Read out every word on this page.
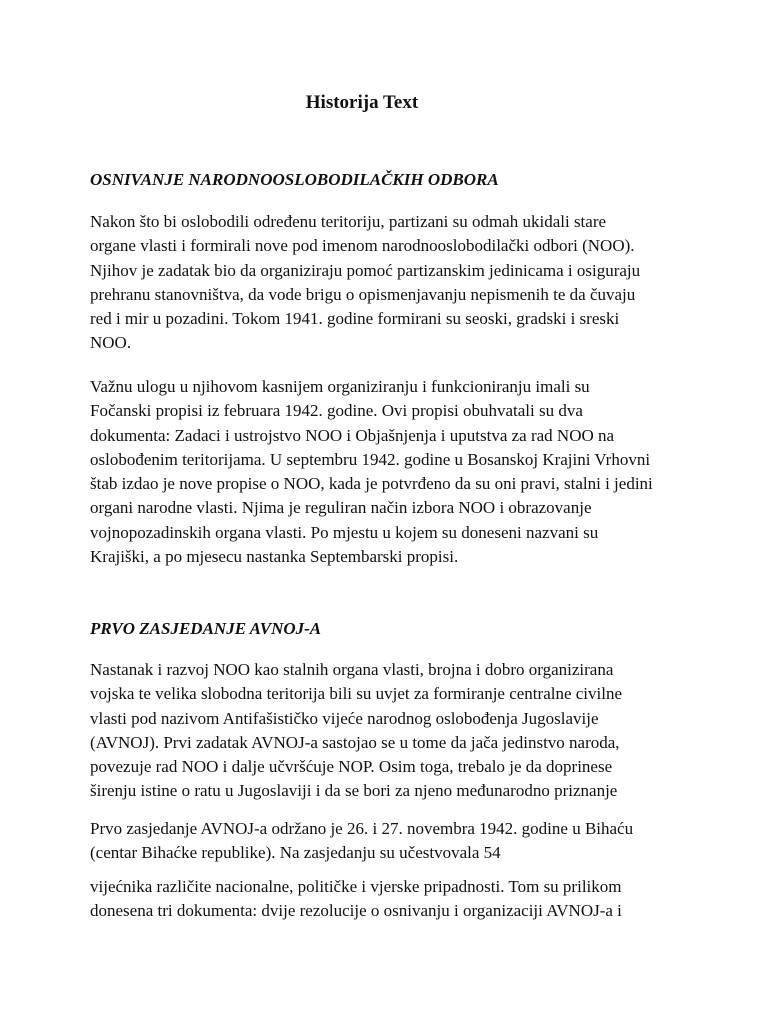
Historija Text
OSNIVANJE NARODNOOSLOBODILAČKIH ODBORA
Nakon što bi oslobodili određenu teritoriju, partizani su odmah ukidali stare
organe vlasti i formirali nove pod imenom narodnooslobodilački odbori (NOO).
Njihov je zadatak bio da organiziraju pomoć partizanskim jedinicama i osiguraju
prehranu stanovništva, da vode brigu o opismenjavanju nepismenih te da čuvaju
red i mir u pozadini. Tokom 1941. godine formirani su seoski, gradski i sreski
NOO.
Važnu ulogu u njihovom kasnijem organiziranju i funkcioniranju imali su
Fočanski propisi iz februara 1942. godine. Ovi propisi obuhvatali su dva
dokumenta: Zadaci i ustrojstvo NOO i Objašnjenja i uputstva za rad NOO na
oslobođenim teritorijama. U septembru 1942. godine u Bosanskoj Krajini Vrhovni
štab izdao je nove propise o NOO, kada je potvrđeno da su oni pravi, stalni i jedini
organi narodne vlasti. Njima je reguliran način izbora NOO i obrazovanje
vojnopozadinskih organa vlasti. Po mjestu u kojem su doneseni nazvani su
Krajiški, a po mjesecu nastanka Septembarski propisi.
PRVO ZASJEDANJE AVNOJ-A
Nastanak i razvoj NOO kao stalnih organa vlasti, brojna i dobro organizirana
vojska te velika slobodna teritorija bili su uvjet za formiranje centralne civilne
vlasti pod nazivom Antifašističko vijeće narodnog oslobođenja Jugoslavije
(AVNOJ). Prvi zadatak AVNOJ-a sastojao se u tome da jača jedinstvo naroda,
povezuje rad NOO i dalje učvršćuje NOP. Osim toga, trebalo je da doprinese
širenju istine o ratu u Jugoslaviji i da se bori za njeno međunarodno priznanje
Prvo zasjedanje AVNOJ-a održano je 26. i 27. novembra 1942. godine u Bihaću
(centar Bihaćke republike). Na zasjedanju su učestvovala 54
vijećnika različite nacionalne, političke i vjerske pripadnosti. Tom su prilikom
donesena tri dokumenta: dvije rezolucije o osnivanju i organizaciji AVNOJ-a i
